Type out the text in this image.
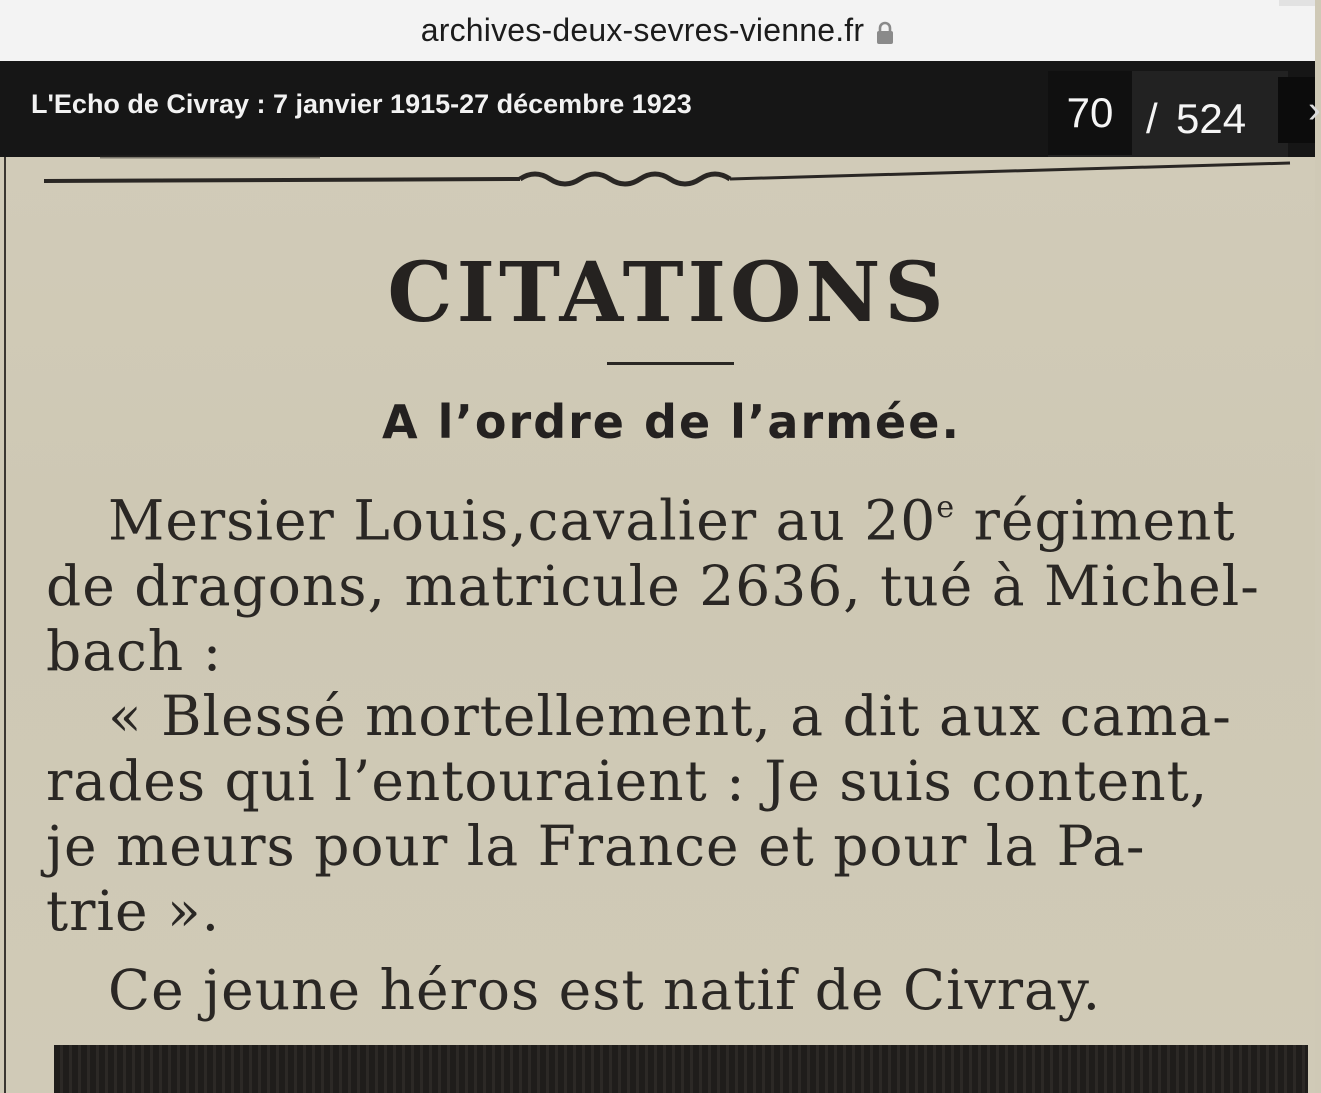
archives-deux-sevres-vienne.fr
L'Echo de Civray : 7 janvier 1915-27 décembre 1923
70	/ 524	›
CITATIONS
A l’ordre de l’armée.
Mersier Louis,cavalier au 20e régiment
de dragons, matricule 2636, tué à Michel-
bach :
« Blessé mortellement, a dit aux cama-
rades qui l’entouraient : Je suis content,
je meurs pour la France et pour la Pa-
trie ».
Ce jeune héros est natif de Civray.
